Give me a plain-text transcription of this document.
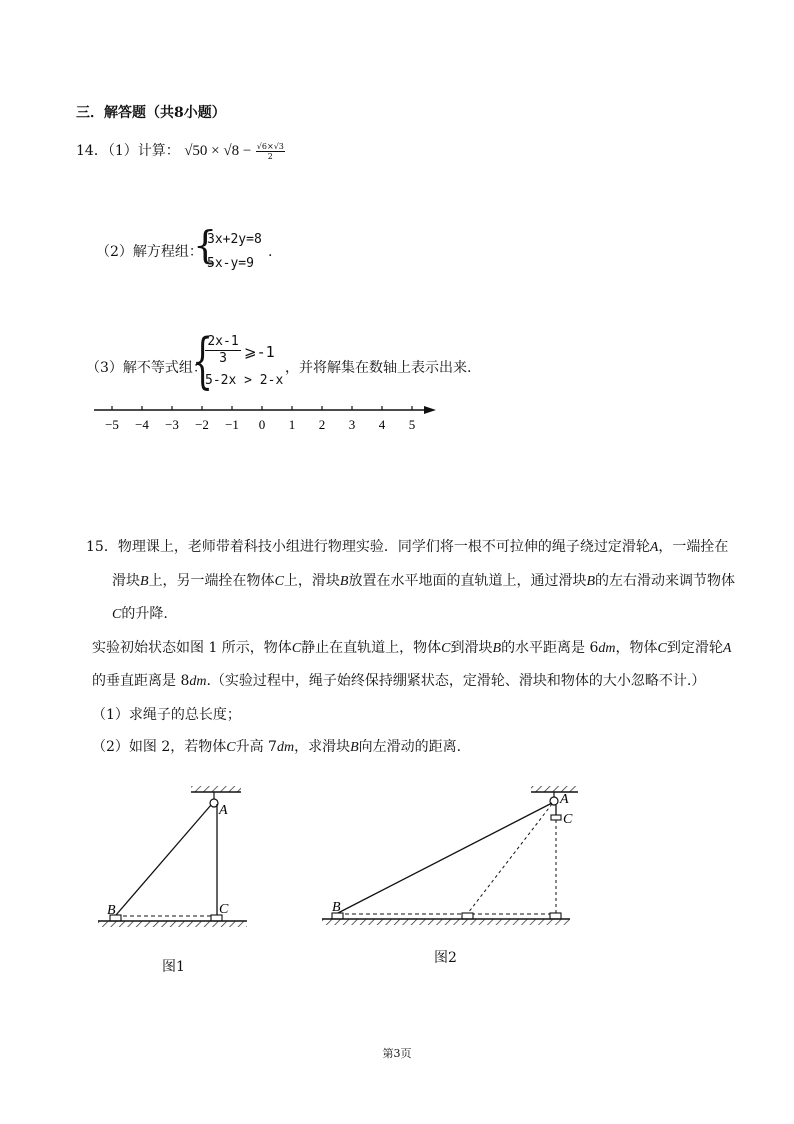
三．解答题（共8小题）
14．（1）计算： $√50 \times √8 - \frac{√6\times√3}{2}$
（2）解方程组：
{
3x+2y=8
5x-y=9
.
（3）解不等式组：
{
$\frac{2x-1}{3}$ ⩾-1
5-2x > 2-x
，并将解集在数轴上表示出来.
−5 −4 −3 −2 −1 0 1 2 3 4 5
15．物理课上，老师带着科技小组进行物理实验．同学们将一根不可拉伸的绳子绕过定滑轮A，一端拴在滑块B上，另一端拴在物体C上，滑块B放置在水平地面的直轨道上，通过滑块B的左右滑动来调节物体C的升降.
实验初始状态如图 1 所示，物体C静止在直轨道上，物体C到滑块B的水平距离是 6dm，物体C到定滑轮A的垂直距离是 8dm.（实验过程中，绳子始终保持绷紧状态，定滑轮、滑块和物体的大小忽略不计.）
（1）求绳子的总长度；
（2）如图 2，若物体C升高 7dm，求滑块B向左滑动的距离.
A
B	C
图1
A
C
B
图2
第3页
